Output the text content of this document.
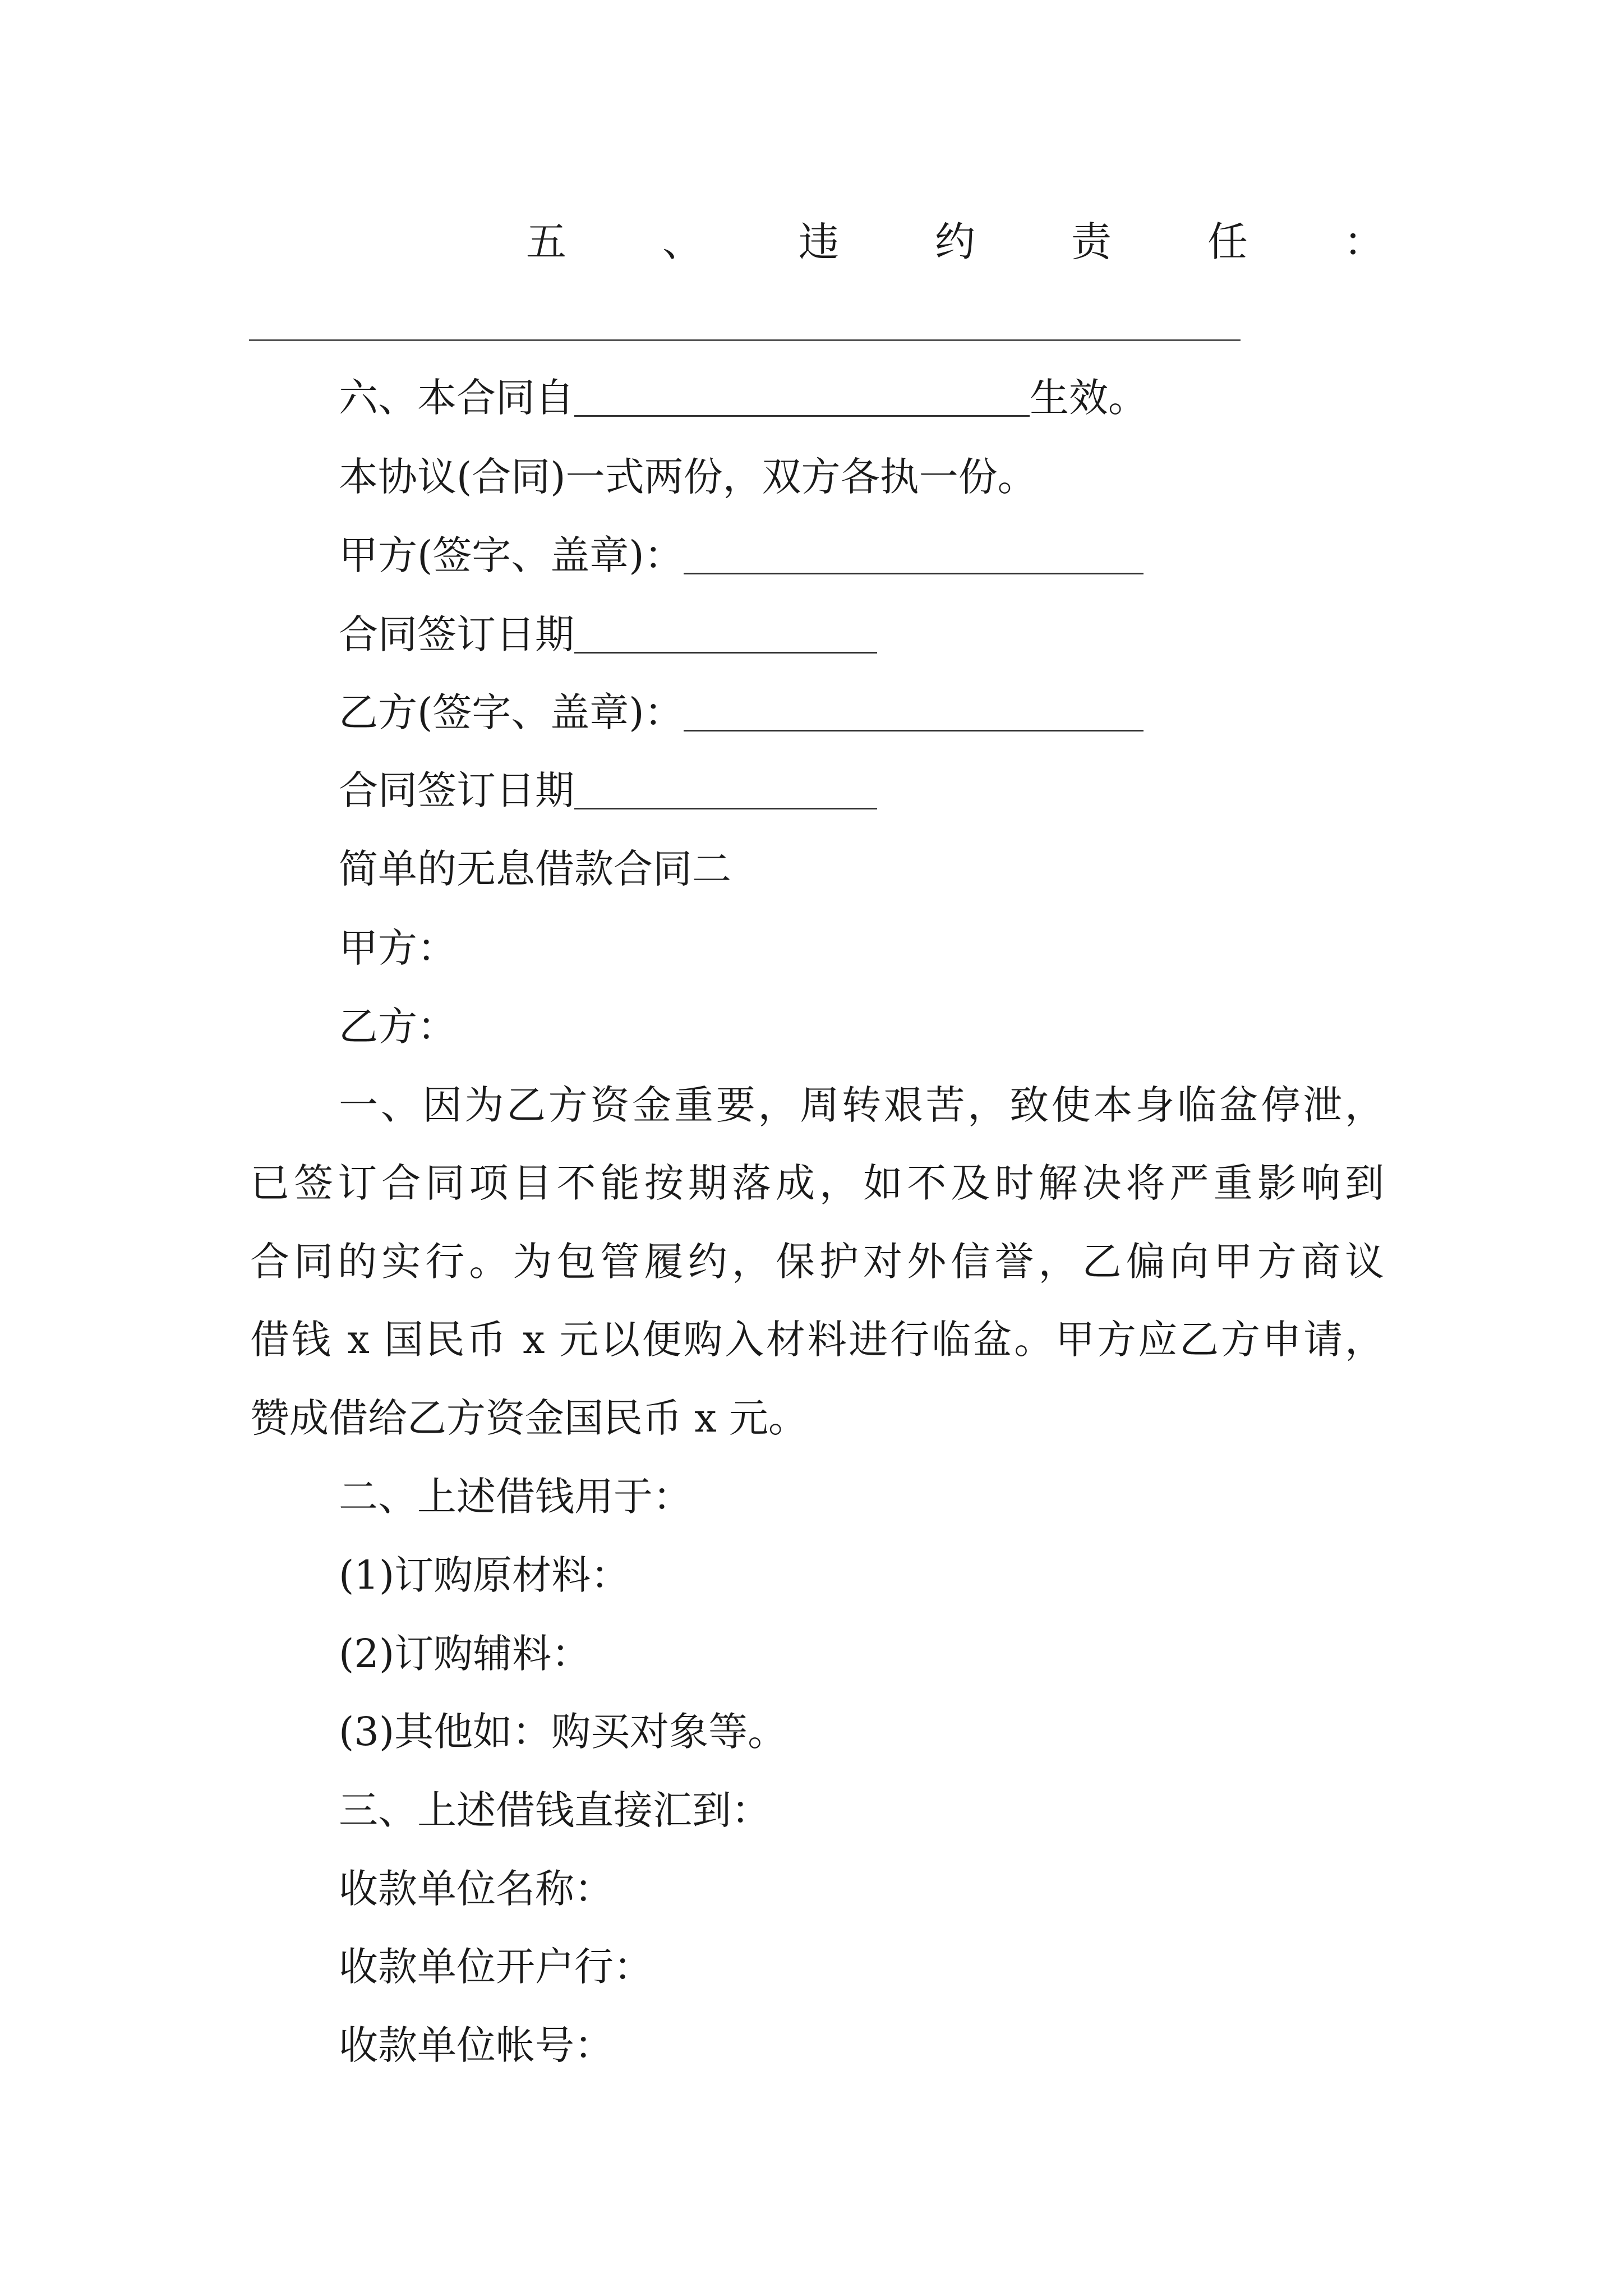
五 、 违 约 责 任 ：
六、本合同自	生效。
本协议(合同)一式两份，双方各执一份。
甲方(签字、盖章)：
合同签订日期
乙方(签字、盖章)：
合同签订日期
简单的无息借款合同二
甲方：
乙方：
一、因为乙方资金重要，周转艰苦，致使本身临盆停泄，
已签订合同项目不能按期落成，如不及时解决将严重影响到
合同的实行。为包管履约，保护对外信誉，乙偏向甲方商议
借钱 x 国民币 x 元以便购入材料进行临盆。甲方应乙方申请，
赞成借给乙方资金国民币 x 元。
二、上述借钱用于：
(1)订购原材料：
(2)订购辅料：
(3)其他如：购买对象等。
三、上述借钱直接汇到：
收款单位名称：
收款单位开户行：
收款单位帐号：
